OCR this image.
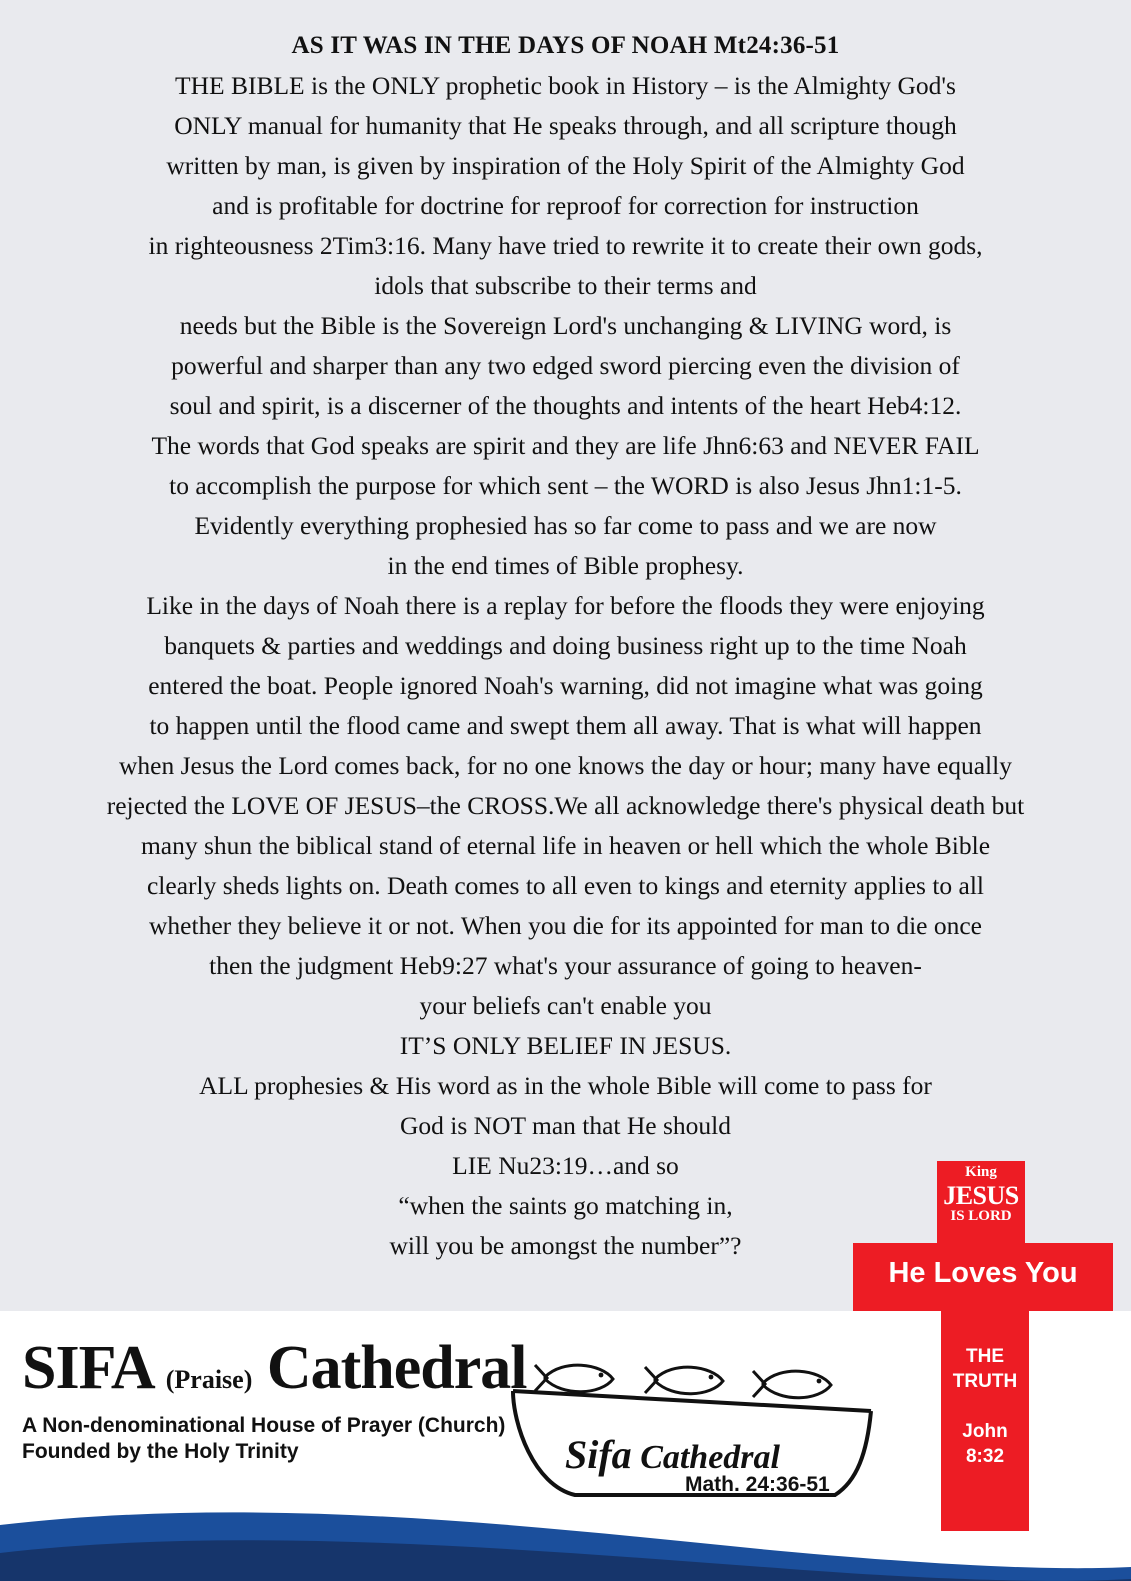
AS IT WAS IN THE DAYS OF NOAH Mt24:36-51

THE BIBLE is the ONLY prophetic book in History – is the Almighty God's
ONLY manual for humanity that He speaks through, and all scripture though
written by man, is given by inspiration of the Holy Spirit of the Almighty God
and is profitable for doctrine for reproof for correction for instruction
in righteousness 2Tim3:16. Many have tried to rewrite it to create their own gods,
idols that subscribe to their terms and

needs but the Bible is the Sovereign Lord's unchanging & LIVING word, is
powerful and sharper than any two edged sword piercing even the division of
soul and spirit, is a discerner of the thoughts and intents of the heart Heb4:12.
The words that God speaks are spirit and they are life Jhn6:63 and NEVER FAIL
to accomplish the purpose for which sent – the WORD is also Jesus Jhn1:1-5.
Evidently everything prophesied has so far come to pass and we are now
in the end times of Bible prophesy.

Like in the days of Noah there is a replay for before the floods they were enjoying
banquets & parties and weddings and doing business right up to the time Noah
entered the boat. People ignored Noah's warning, did not imagine what was going
to happen until the flood came and swept them all away. That is what will happen
when Jesus the Lord comes back, for no one knows the day or hour; many have equally
rejected the LOVE OF JESUS–the CROSS.We all acknowledge there's physical death but
many shun the biblical stand of eternal life in heaven or hell which the whole Bible
clearly sheds lights on. Death comes to all even to kings and eternity applies to all
whether they believe it or not. When you die for its appointed for man to die once
then the judgment Heb9:27 what's your assurance of going to heaven-
your beliefs can't enable you
IT’S ONLY BELIEF IN JESUS.

ALL prophesies & His word as in the whole Bible will come to pass for
God is NOT man that He should
LIE Nu23:19…and so
“when the saints go matching in,
will you be amongst the number”?

King
JESUS
IS LORD
He Loves You
THE
TRUTH
John
8:32
SIFA (Praise) Cathedral
A Non-denominational House of Prayer (Church)
Founded by the Holy Trinity	Sifa Cathedral
Math. 24:36-51
